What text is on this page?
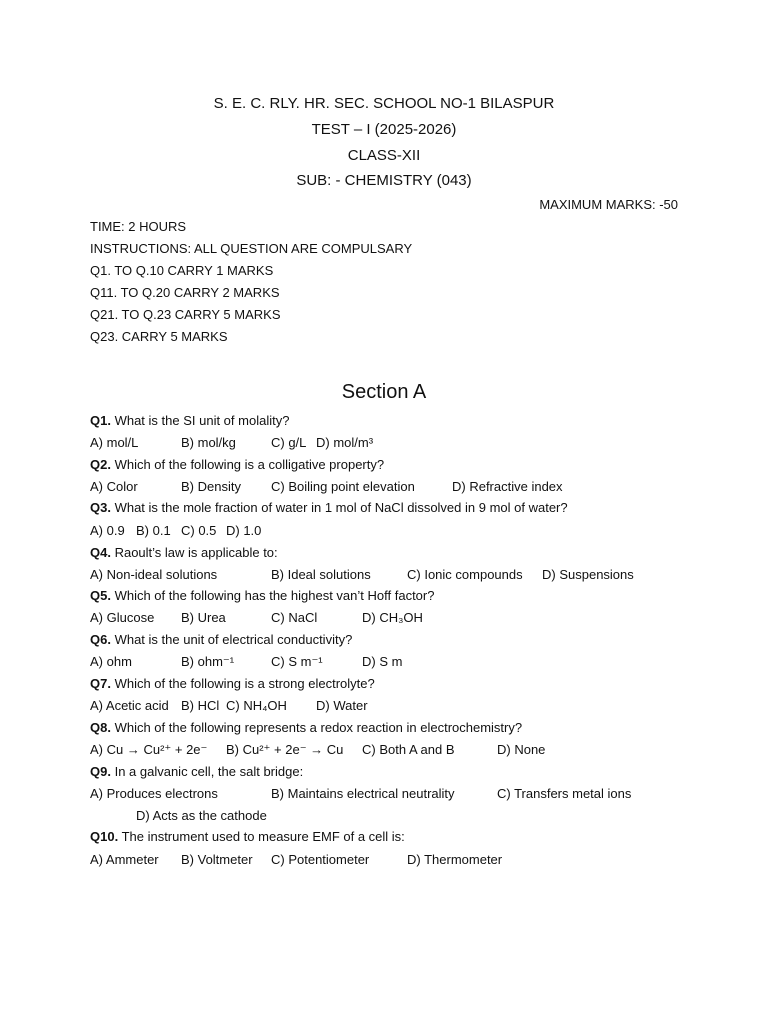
S. E. C. RLY. HR. SEC. SCHOOL NO-1 BILASPUR
TEST – I (2025-2026)
CLASS-XII
SUB: - CHEMISTRY (043)
MAXIMUM MARKS: -50
TIME: 2 HOURS
INSTRUCTIONS: ALL QUESTION ARE COMPULSARY
Q1. TO Q.10 CARRY 1 MARKS
Q11. TO Q.20 CARRY 2 MARKS
Q21. TO Q.23 CARRY 5 MARKS
Q23. CARRY 5 MARKS
Section A
Q1. What is the SI unit of molality?
A) mol/L	B) mol/kg	C) g/L D) mol/m³
Q2. Which of the following is a colligative property?
A) Color	B) Density C) Boiling point elevation	D) Refractive index
Q3. What is the mole fraction of water in 1 mol of NaCl dissolved in 9 mol of water?
A) 0.9 B) 0.1 C) 0.5 D) 1.0
Q4. Raoult’s law is applicable to:
A) Non-ideal solutions	B) Ideal solutions	C) Ionic compounds D) Suspensions
Q5. Which of the following has the highest van’t Hoff factor?
A) Glucose B) Urea	C) NaCl	D) CH₃OH
Q6. What is the unit of electrical conductivity?
A) ohm	B) ohm⁻¹	C) S m⁻¹	D) S m
Q7. Which of the following is a strong electrolyte?
A) Acetic acid B) HCl C) NH₄OH D) Water
Q8. Which of the following represents a redox reaction in electrochemistry?
A) Cu → Cu²⁺ + 2e⁻ B) Cu²⁺ + 2e⁻ → Cu C) Both A and B	D) None
Q9. In a galvanic cell, the salt bridge:
A) Produces electrons	B) Maintains electrical neutrality	C) Transfers metal ions
D) Acts as the cathode
Q10. The instrument used to measure EMF of a cell is:
A) Ammeter B) Voltmeter C) Potentiometer	D) Thermometer
